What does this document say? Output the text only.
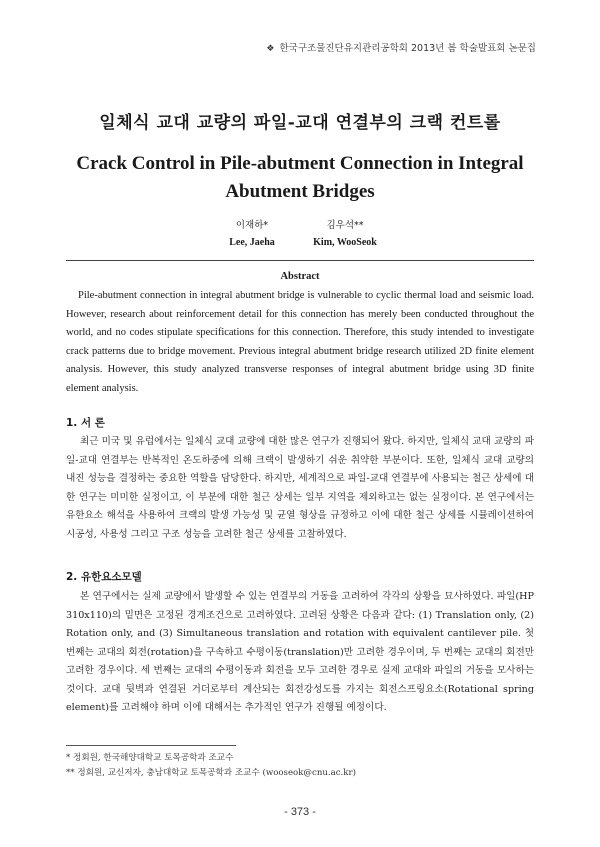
❖ 한국구조물진단유지관리공학회 2013년 봄 학술발표회 논문집
일체식 교대 교량의 파일-교대 연결부의 크랙 컨트롤
Crack Control in Pile-abutment Connection in Integral Abutment Bridges
이재하*
Lee, Jaeha
김우석**
Kim, WooSeok
Abstract

Pile-abutment connection in integral abutment bridge is vulnerable to cyclic thermal load and seismic load. However, research about reinforcement detail for this connection has merely been conducted throughout the world, and no codes stipulate specifications for this connection. Therefore, this study intended to investigate crack patterns due to bridge movement. Previous integral abutment bridge research utilized 2D finite element analysis. However, this study analyzed transverse responses of integral abutment bridge using 3D finite element analysis.

1. 서 론

최근 미국 및 유럽에서는 일체식 교대 교량에 대한 많은 연구가 진행되어 왔다. 하지만, 일체식 교대 교량의 파일-교대 연결부는 반복적인 온도하중에 의해 크랙이 발생하기 쉬운 취약한 부분이다. 또한, 일체식 교대 교량의 내진 성능을 결정하는 중요한 역할을 담당한다. 하지만, 세계적으로 파일-교대 연결부에 사용되는 철근 상세에 대한 연구는 미미한 실정이고, 이 부분에 대한 철근 상세는 일부 지역을 제외하고는 없는 실정이다. 본 연구에서는 유한요소 해석을 사용하여 크랙의 발생 가능성 및 균열 형상을 규정하고 이에 대한 철근 상세를 시뮬레이션하여 시공성, 사용성 그리고 구조 성능을 고려한 철근 상세를 고찰하였다.

2. 유한요소모델

본 연구에서는 실제 교량에서 발생할 수 있는 연결부의 거동을 고려하여 각각의 상황을 묘사하였다. 파일(HP 310x110)의 밑면은 고정된 경계조건으로 고려하였다. 고려된 상황은 다음과 같다: (1) Translation only, (2) Rotation only, and (3) Simultaneous translation and rotation with equivalent cantilever pile. 첫 번째는 교대의 회전(rotation)을 구속하고 수평이동(translation)만 고려한 경우이며, 두 번째는 교대의 회전만 고려한 경우이다. 세 번째는 교대의 수평이동과 회전을 모두 고려한 경우로 실제 교대와 파일의 거동을 모사하는 것이다. 교대 뒷벽과 연결된 거더로부터 계산되는 회전강성도를 가지는 회전스프링요소(Rotational spring element)를 고려해야 하며 이에 대해서는 추가적인 연구가 진행될 예정이다.

* 정회원, 한국해양대학교 토목공학과 조교수
** 정회원, 교신저자, 충남대학교 토목공학과 조교수 (wooseok@cnu.ac.kr)
- 373 -
